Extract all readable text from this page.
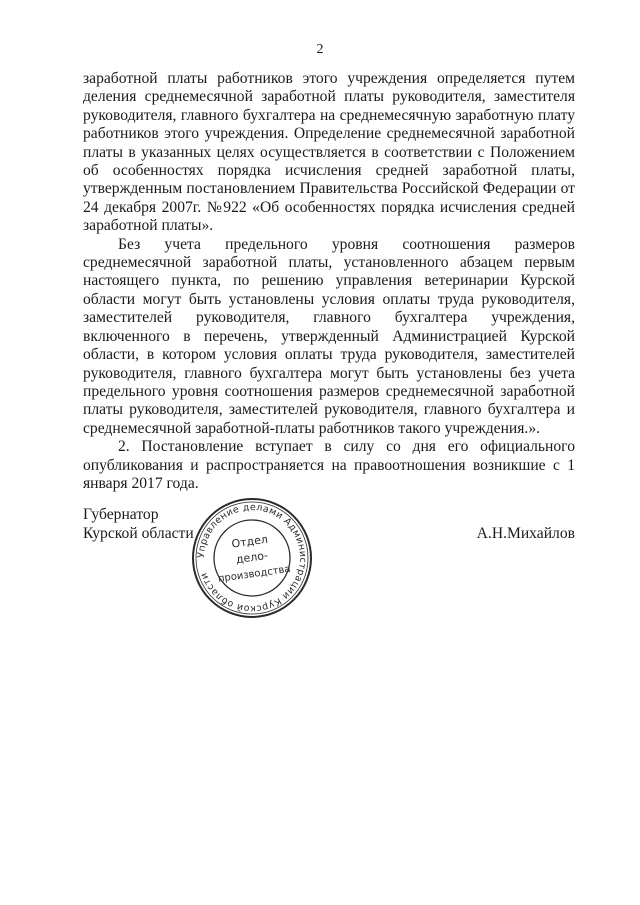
2

заработной платы работников этого учреждения определяется путем деления среднемесячной заработной платы руководителя, заместителя руководителя, главного бухгалтера на среднемесячную заработную плату работников этого учреждения. Определение среднемесячной заработной платы в указанных целях осуществляется в соответствии с Положением об особенностях порядка исчисления средней заработной платы, утвержденным постановлением Правительства Российской Федерации от 24 декабря 2007г. №922 «Об особенностях порядка исчисления средней заработной платы».

Без учета предельного уровня соотношения размеров среднемесячной заработной платы, установленного абзацем первым настоящего пункта, по решению управления ветеринарии Курской области могут быть установлены условия оплаты труда руководителя, заместителей руководителя, главного бухгалтера учреждения, включенного в перечень, утвержденный Администрацией Курской области, в котором условия оплаты труда руководителя, заместителей руководителя, главного бухгалтера могут быть установлены без учета предельного уровня соотношения размеров среднемесячной заработной платы руководителя, заместителей руководителя, главного бухгалтера и среднемесячной заработной-платы работников такого учреждения.».

2. Постановление вступает в силу со дня его официального опубликования и распространяется на правоотношения возникшие с 1 января 2017 года.

Губернатор
Курской области
Управление делами Администрации Курской области
Отдел
дело-
производства
А.Н.Михайлов
